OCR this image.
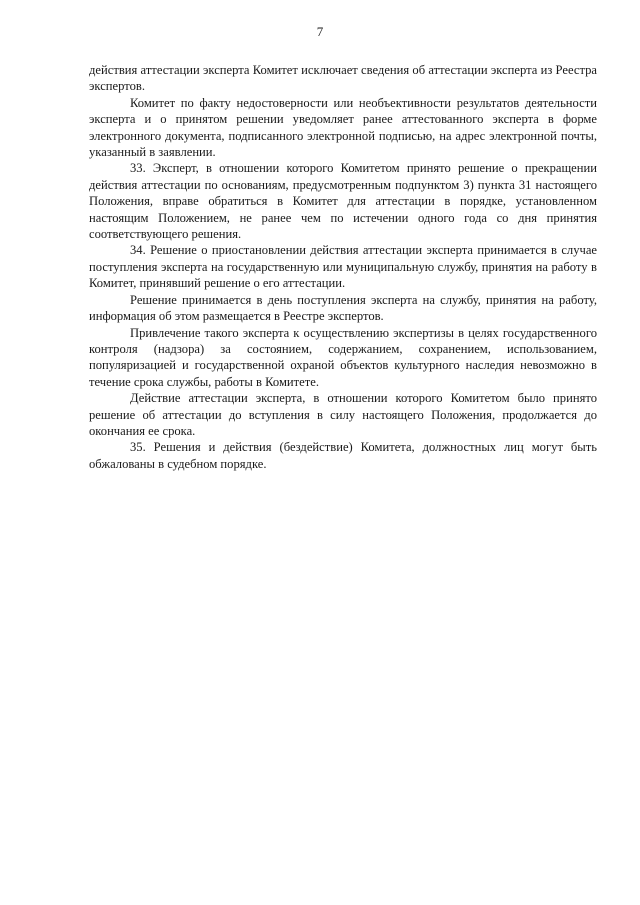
7

действия аттестации эксперта Комитет исключает сведения об аттестации эксперта из Реестра экспертов.

Комитет по факту недостоверности или необъективности результатов деятельности эксперта и о принятом решении уведомляет ранее аттестованного эксперта в форме электронного документа, подписанного электронной подписью, на адрес электронной почты, указанный в заявлении.

33. Эксперт, в отношении которого Комитетом принято решение о прекращении действия аттестации по основаниям, предусмотренным подпунктом 3) пункта 31 настоящего Положения, вправе обратиться в Комитет для аттестации в порядке, установленном настоящим Положением, не ранее чем по истечении одного года со дня принятия соответствующего решения.

34. Решение о приостановлении действия аттестации эксперта принимается в случае поступления эксперта на государственную или муниципальную службу, принятия на работу в Комитет, принявший решение о его аттестации.

Решение принимается в день поступления эксперта на службу, принятия на работу, информация об этом размещается в Реестре экспертов.

Привлечение такого эксперта к осуществлению экспертизы в целях государственного контроля (надзора) за состоянием, содержанием, сохранением, использованием, популяризацией и государственной охраной объектов культурного наследия невозможно в течение срока службы, работы в Комитете.

Действие аттестации эксперта, в отношении которого Комитетом было принято решение об аттестации до вступления в силу настоящего Положения, продолжается до окончания ее срока.

35. Решения и действия (бездействие) Комитета, должностных лиц могут быть обжалованы в судебном порядке.
